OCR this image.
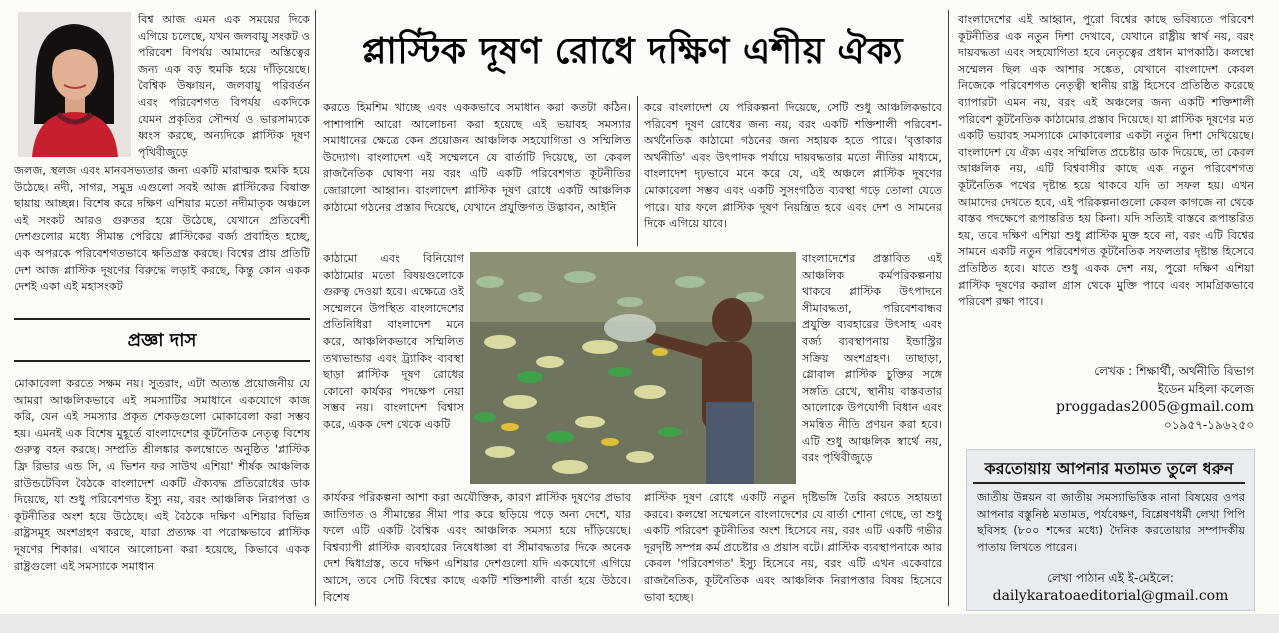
বিশ্ব আজ এমন এক সময়ের দিকে এগিয়ে চলেছে, যখন জলবায়ু সংকট ও পরিবেশ বিপর্যয় আমাদের অস্তিত্বের জন্য এক বড় হুমকি হয়ে দাঁড়িয়েছে। বৈশ্বিক উষ্ণায়ন, জলবায়ু পরিবর্তন এবং পরিবেশগত বিপর্যয় একদিকে যেমন প্রকৃতির সৌন্দর্য ও ভারসাম্যকে ধ্বংস করছে, অন্যদিকে প্লাস্টিক দূষণ পৃথিবীজুড়ে
জলজ, স্থলজ এবং মানবসভ্যতার জন্য একটি মারাত্মক হুমকি হয়ে উঠেছে। নদী, সাগর, সমুদ্র এগুলো সবই আজ প্লাস্টিকের বিষাক্ত ছায়ায় আচ্ছন্ন। বিশেষ করে দক্ষিণ এশিয়ার মতো নদীমাতৃক অঞ্চলে এই সংকট আরও গুরুতর হয়ে উঠেছে, যেখানে প্রতিবেশী দেশগুলোর মধ্যে সীমান্ত পেরিয়ে প্লাস্টিকের বর্জ্য প্রবাহিত হচ্ছে, এক অপরকে পরিবেশগতভাবে ক্ষতিগ্রস্ত করছে। বিশ্বের প্রায় প্রতিটি দেশ আজ প্লাস্টিক দূষণের বিরুদ্ধে লড়াই করছে, কিন্তু কোন একক দেশই একা এই মহাসংকট
প্রজ্ঞা দাস
মোকাবেলা করতে সক্ষম নয়। সুতরাং, এটা অত্যন্ত প্রয়োজনীয় যে আমরা আঞ্চলিকভাবে এই সমস্যাটির সমাধানে একযোগে কাজ করি, যেন এই সমস্যার প্রকৃত শেকড়গুলো মোকাবেলা করা সম্ভব হয়। এমনই এক বিশেষ মুহূর্তে বাংলাদেশের কূটনৈতিক নেতৃত্ব বিশেষ গুরুত্ব বহন করছে। সম্প্রতি শ্রীলঙ্কার কলম্বোতে অনুষ্ঠিত 'প্লাস্টিক ফ্রি রিভার এন্ড সি, এ ভিশন ফর সাউথ এশিয়া' শীর্ষক আঞ্চলিক রাউন্ডটেবিল বৈঠকে বাংলাদেশ একটি ঐক্যবদ্ধ প্রতিরোধের ডাক দিয়েছে, যা শুধু পরিবেশগত ইস্যু নয়, বরং আঞ্চলিক নিরাপত্তা ও কূটনীতির অংশ হয়ে উঠেছে। এই বৈঠকে দক্ষিণ এশিয়ার বিভিন্ন রাষ্ট্রসমূহ অংশগ্রহণ করছে, যারা প্রত্যক্ষ বা পরোক্ষভাবে প্লাস্টিক দূষণের শিকার। এখানে আলোচনা করা হয়েছে, কিভাবে একক রাষ্ট্রগুলো এই সমস্যাকে সমাধান
প্লাস্টিক দূষণ রোধে দক্ষিণ এশীয় ঐক্য
করতে হিমশিম খাচ্ছে এবং এককভাবে সমাধান করা কতটা কঠিন। পাশাপাশি আরো আলোচনা করা হয়েছে এই ভয়াবহ সমস্যার সমাধানের ক্ষেত্রে কেন প্রয়োজন আঞ্চলিক সহযোগিতা ও সম্মিলিত উদ্যোগ। বাংলাদেশ এই সম্মেলনে যে বার্তাটি দিয়েছে, তা কেবল রাজনৈতিক ঘোষণা নয় বরং এটি একটি পরিবেশগত কূটনীতির জোরালো আহ্বান। বাংলাদেশ প্লাস্টিক দূষণ রোধে একটি আঞ্চলিক কাঠামো গঠনের প্রস্তাব দিয়েছে, যেখানে প্রযুক্তিগত উদ্ভাবন, আইনি
করে বাংলাদেশ যে পরিকল্পনা দিয়েছে, সেটি শুধু আঞ্চলিকভাবে পরিবেশ দূষণ রোধের জন্য নয়, বরং একটি শক্তিশালী পরিবেশ-অর্থনৈতিক কাঠামো গঠনের জন্য সহায়ক হতে পারে। 'বৃত্তাকার অর্থনীতি' এবং উৎপাদক পর্যায়ে দায়বদ্ধতার মতো নীতির মাধ্যমে, বাংলাদেশ দৃঢ়ভাবে মনে করে যে, এই অঞ্চলে প্লাস্টিক দূষণের মোকাবেলা সম্ভব এবং একটি সুসংগঠিত ব্যবস্থা গড়ে তোলা যেতে পারে। যার ফলে প্লাস্টিক দূষণ নিয়ন্ত্রিত হবে এবং দেশ ও সামনের দিকে এগিয়ে যাবে।
কাঠামো এবং বিনিয়োগ কাঠামোর মতো বিষয়গুলোকে গুরুত্ব দেওয়া হবে। এক্ষেত্রে ওই সম্মেলনে উপস্থিত বাংলাদেশের প্রতিনিধিরা বাংলাদেশ মনে করে, আঞ্চলিকভাবে সম্মিলিত তথ্যভান্ডার এবং ট্র্যাকিং ব্যবস্থা ছাড়া প্লাস্টিক দূষণ রোধের কোনো কার্যকর পদক্ষেপ নেয়া সম্ভব নয়। বাংলাদেশ বিশ্বাস করে, একক দেশ থেকে একটি
বাংলাদেশের প্রস্তাবিত এই আঞ্চলিক কর্মপরিকল্পনায় থাকবে প্লাস্টিক উৎপাদনে সীমাবদ্ধতা, পরিবেশবান্ধব প্রযুক্তি ব্যবহারের উৎসাহ এবং বর্জ্য ব্যবস্থাপনায় ইন্ডাস্ট্রির সক্রিয় অংশগ্রহণ। তাছাড়া, গ্লোবাল প্লাস্টিক চুক্তির সঙ্গে সঙ্গতি রেখে, স্থানীয় বাস্তবতার আলোকে উপযোগী বিধান এবং সমন্বিত নীতি প্রণয়ন করা হবে। এটি শুধু আঞ্চলিক স্বার্থে নয়, বরং পৃথিবীজুড়ে
কার্যকর পরিকল্পনা আশা করা অযৌক্তিক, কারণ প্লাস্টিক দূষণের প্রভাব জাতিগত ও সীমান্তের সীমা পার করে ছড়িয়ে পড়ে অন্য দেশে, যার ফলে এটি একটি বৈশ্বিক এবং আঞ্চলিক সমস্যা হয়ে দাঁড়িয়েছে। বিশ্বব্যাপী প্লাস্টিক ব্যবহারের নিষেধাজ্ঞা বা সীমাবদ্ধতার দিকে অনেক দেশ দ্বিধাগ্রস্ত, তবে দক্ষিণ এশিয়ার দেশগুলো যদি একযোগে এগিয়ে আসে, তবে সেটি বিশ্বের কাছে একটি শক্তিশালী বার্তা হয়ে উঠবে। বিশেষ
প্লাস্টিক দূষণ রোধে একটি নতুন দৃষ্টিভঙ্গি তৈরি করতে সহায়তা করবে। কলম্বো সম্মেলনে বাংলাদেশের যে বার্তা শোনা গেছে, তা শুধু একটি পরিবেশ কূটনীতির অংশ হিসেবে নয়, বরং এটি একটি গভীর দূরদৃষ্টি সম্পন্ন কর্ম প্রচেষ্টার ও প্রয়াস বটে। প্লাস্টিক ব্যবস্থাপনাকে আর কেবল 'পরিবেশগত' ইস্যু হিসেবে নয়, বরং এটি এখন একেবারে রাজনৈতিক, কূটনৈতিক এবং আঞ্চলিক নিরাপত্তার বিষয় হিসেবে ভাবা হচ্ছে।
বাংলাদেশের এই আহ্বান, পুরো বিশ্বের কাছে ভবিষ্যতে পরিবেশ কূটনীতির এক নতুন দিশা দেখাবে, যেখানে রাষ্ট্রীয় স্বার্থ নয়, বরং দায়বদ্ধতা এবং সহযোগিতা হবে নেতৃত্বের প্রধান মাপকাঠি। কলম্বো সম্মেলন ছিল এক আশার সঙ্কেত, যেখানে বাংলাদেশ কেবল নিজেকে পরিবেশগত নেতৃত্বী স্থানীয় রাষ্ট্র হিসেবে প্রতিষ্ঠিত করেছে ব্যাপারটা এমন নয়, বরং এই অঞ্চলের জন্য একটি শক্তিশালী পরিবেশ কূটনৈতিক কাঠামোর প্রস্তাব দিয়েছে। যা প্লাস্টিক দূষণের মত একটি ভয়াবহ সমস্যাকে মোকাবেলার একটা নতুন দিশা দেখিয়েছে। বাংলাদেশ যে ঐক্য এবং সম্মিলিত প্রচেষ্টার ডাক দিয়েছে, তা কেবল আঞ্চলিক নয়, এটি বিশ্ববাসীর কাছে এক নতুন পরিবেশগত কূটনৈতিক পথের দৃষ্টান্ত হয়ে থাকবে যদি তা সফল হয়। এখন আমাদের দেখতে হবে, এই পরিকল্পনাগুলো কেবল কাগজে না থেকে বাস্তব পদক্ষেপে রূপান্তরিত হয় কিনা। যদি সত্যিই বাস্তবে রূপান্তরিত হয়, তবে দক্ষিণ এশিয়া শুধু প্লাস্টিক মুক্ত হবে না, বরং এটি বিশ্বের সামনে একটি নতুন পরিবেশগত কূটনৈতিক সফলতার দৃষ্টান্ত হিসেবে প্রতিষ্ঠিত হবে। যাতে শুধু একক দেশ নয়, পুরো দক্ষিণ এশিয়া প্লাস্টিক দূষণের করাল গ্রাস থেকে মুক্তি পাবে এবং সামগ্রিকভাবে পরিবেশ রক্ষা পাবে।
লেখক : শিক্ষার্থী, অর্থনীতি বিভাগ
ইডেন মহিলা কলেজ
proggadas2005@gmail.com
০১৯৫৭-১৯৬২৫০
করতোয়ায় আপনার মতামত তুলে ধরুন
জাতীয় উন্নয়ন বা জাতীয় সমস্যাভিত্তিক নানা বিষয়ের ওপর আপনার বস্তুনিষ্ঠ মতামত, পর্যবেক্ষণ, বিশ্লেষণধর্মী লেখা পিপি ছবিসহ (৮০০ শব্দের মধ্যে) দৈনিক করতোয়ার সম্পাদকীয় পাতায় লিখতে পারেন।
লেখা পাঠান এই ই-মেইলে:
dailykaratoaeditorial@gmail.com
